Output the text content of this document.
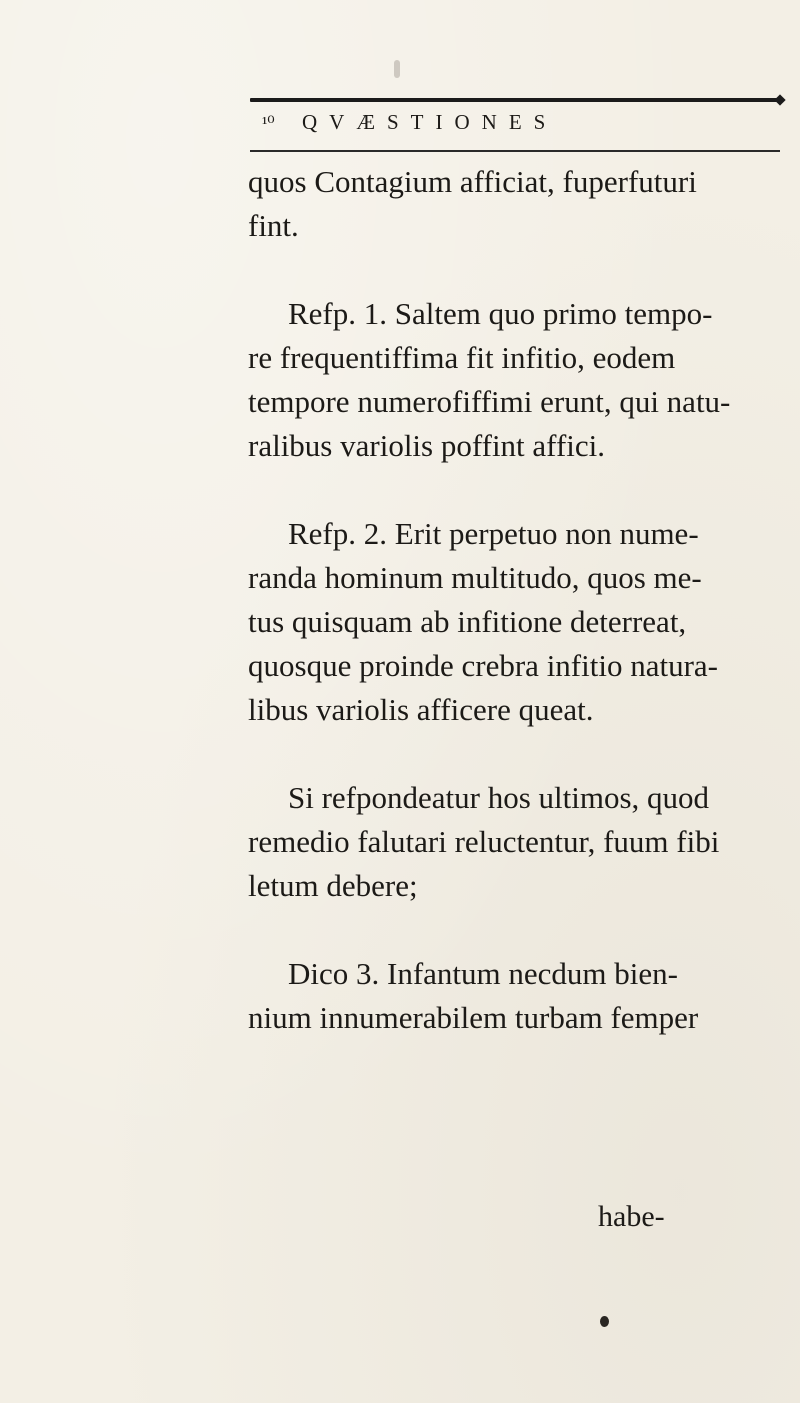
¹⁰	QVÆSTIONES
quos Contagium afficiat, fuperfuturi
fint.
Refp. 1. Saltem quo primo tempo-
re frequentiffima fit infitio, eodem
tempore numerofiffimi erunt, qui natu-
ralibus variolis poffint affici.
Refp. 2. Erit perpetuo non nume-
randa hominum multitudo, quos me-
tus quisquam ab infitione deterreat,
quosque proinde crebra infitio natura-
libus variolis afficere queat.
Si refpondeatur hos ultimos, quod
remedio falutari reluctentur, fuum fibi
letum debere;
Dico 3. Infantum necdum bien-
nium innumerabilem turbam femper
habe-
